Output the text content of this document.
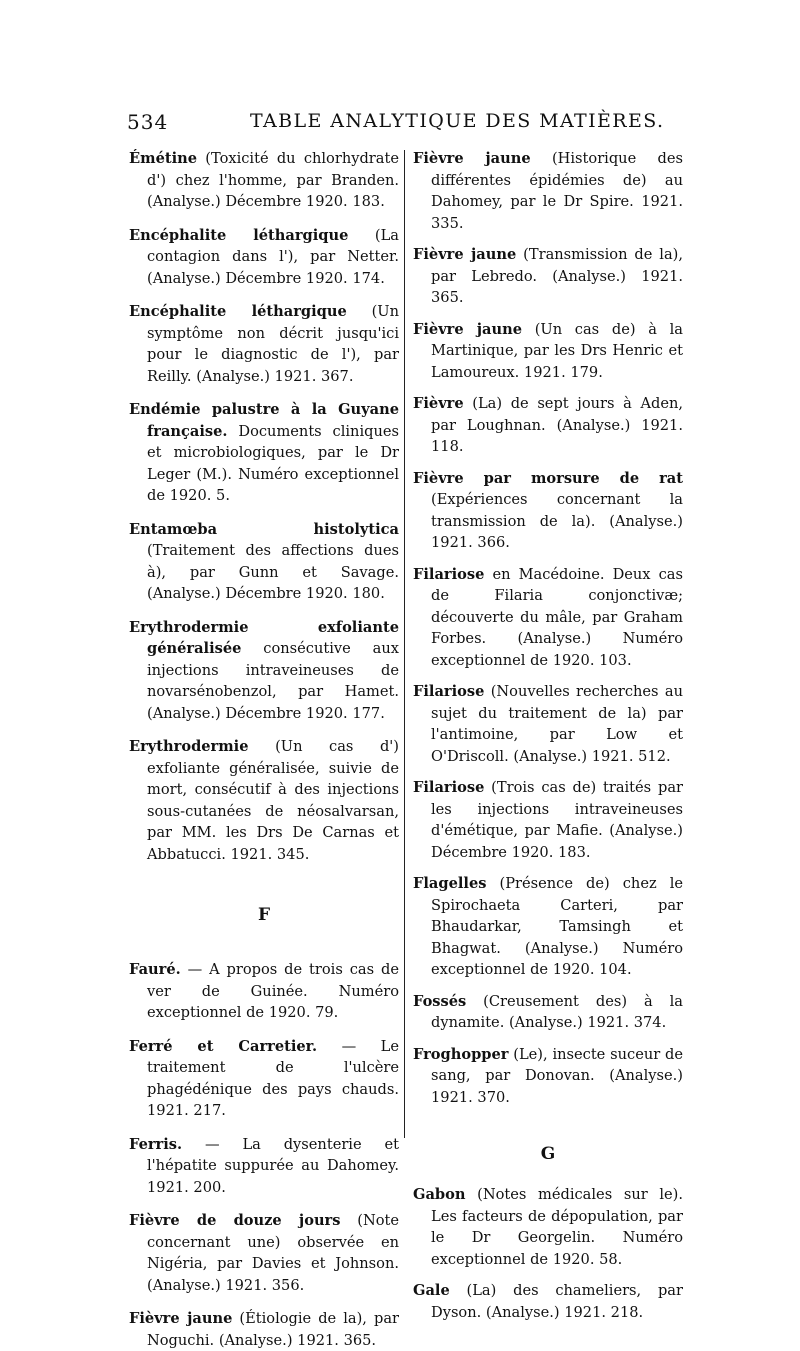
534	TABLE ANALYTIQUE DES MATIÈRES.

Émétine (Toxicité du chlorhydrate d') chez l'homme, par Branden. (Analyse.) Décembre 1920. 183.

Encéphalite léthargique (La contagion dans l'), par Netter. (Analyse.) Décembre 1920. 174.

Encéphalite léthargique (Un symptôme non décrit jusqu'ici pour le diagnostic de l'), par Reilly. (Analyse.) 1921. 367.

Endémie palustre à la Guyane française. Documents cliniques et microbiologiques, par le Dr Leger (M.). Numéro exceptionnel de 1920. 5.

Entamœba histolytica (Traitement des affections dues à), par Gunn et Savage. (Analyse.) Décembre 1920. 180.

Erythrodermie exfoliante généralisée consécutive aux injections intraveineuses de novarsénobenzol, par Hamet. (Analyse.) Décembre 1920. 177.

Erythrodermie (Un cas d') exfoliante généralisée, suivie de mort, consécutif à des injections sous-cutanées de néosalvarsan, par MM. les Drs De Carnas et Abbatucci. 1921. 345.

F

Fauré. — A propos de trois cas de ver de Guinée. Numéro exceptionnel de 1920. 79.

Ferré et Carretier. — Le traitement de l'ulcère phagédénique des pays chauds. 1921. 217.

Ferris. — La dysenterie et l'hépatite suppurée au Dahomey. 1921. 200.

Fièvre de douze jours (Note concernant une) observée en Nigéria, par Davies et Johnson. (Analyse.) 1921. 356.

Fièvre jaune (Étiologie de la), par Noguchi. (Analyse.) 1921. 365.

Fièvre jaune (Historique des différentes épidémies de) au Dahomey, par le Dr Spire. 1921. 335.

Fièvre jaune (Transmission de la), par Lebredo. (Analyse.) 1921. 365.

Fièvre jaune (Un cas de) à la Martinique, par les Drs Henric et Lamoureux. 1921. 179.

Fièvre (La) de sept jours à Aden, par Loughnan. (Analyse.) 1921. 118.

Fièvre par morsure de rat (Expériences concernant la transmission de la). (Analyse.) 1921. 366.

Filariose en Macédoine. Deux cas de Filaria conjonctivæ; découverte du mâle, par Graham Forbes. (Analyse.) Numéro exceptionnel de 1920. 103.

Filariose (Nouvelles recherches au sujet du traitement de la) par l'antimoine, par Low et O'Driscoll. (Analyse.) 1921. 512.

Filariose (Trois cas de) traités par les injections intraveineuses d'émétique, par Mafie. (Analyse.) Décembre 1920. 183.

Flagelles (Présence de) chez le Spirochaeta Carteri, par Bhaudarkar, Tamsingh et Bhagwat. (Analyse.) Numéro exceptionnel de 1920. 104.

Fossés (Creusement des) à la dynamite. (Analyse.) 1921. 374.

Froghopper (Le), insecte suceur de sang, par Donovan. (Analyse.) 1921. 370.

G

Gabon (Notes médicales sur le). Les facteurs de dépopulation, par le Dr Georgelin. Numéro exceptionnel de 1920. 58.

Gale (La) des chameliers, par Dyson. (Analyse.) 1921. 218.
